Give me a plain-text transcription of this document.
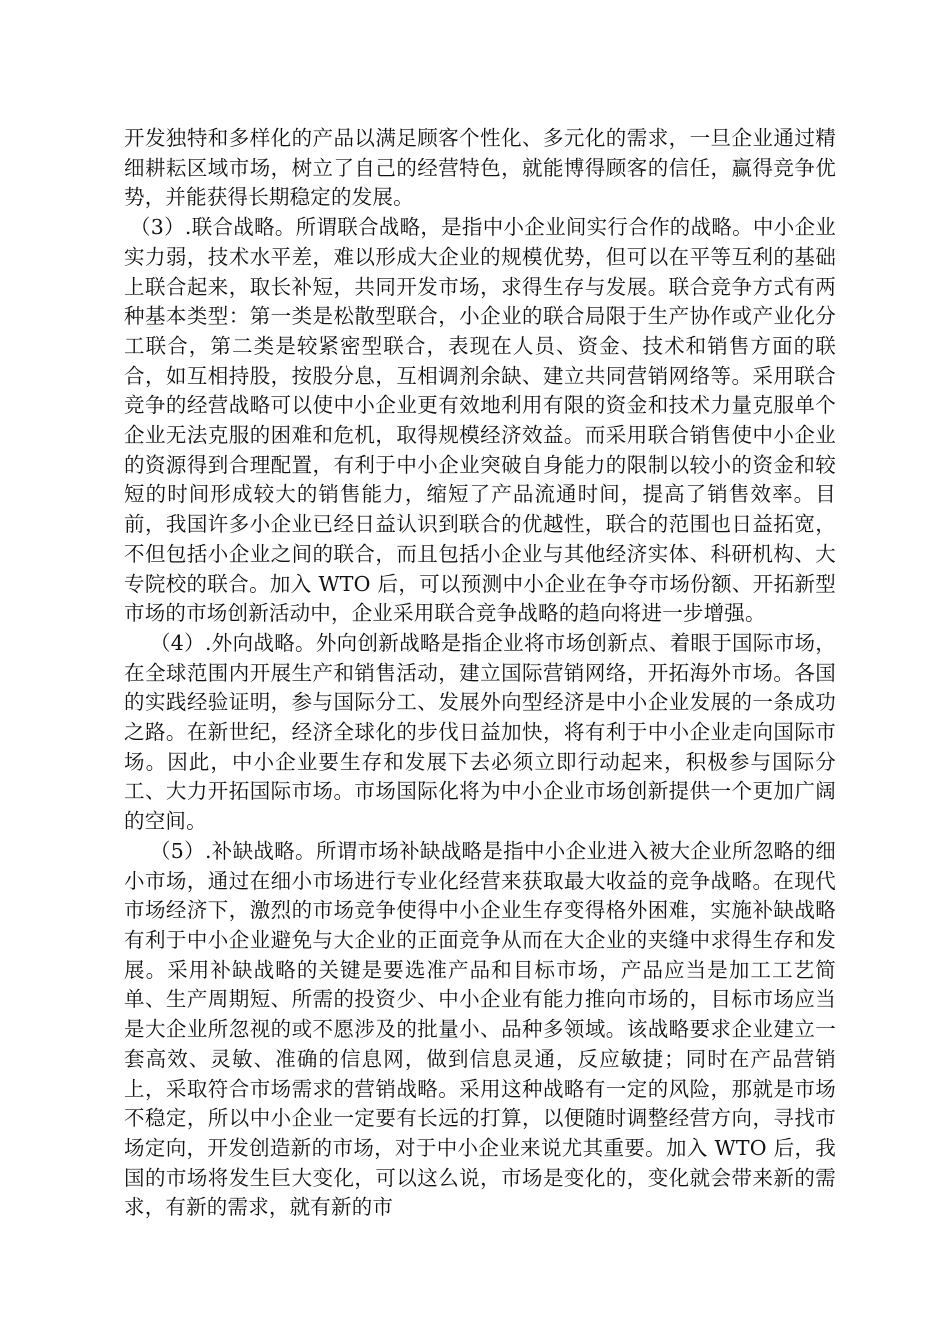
开发独特和多样化的产品以满足顾客个性化、多元化的需求，一旦企业通过精细耕耘区域市场，树立了自己的经营特色，就能博得顾客的信任，赢得竞争优势，并能获得长期稳定的发展。

（3）.联合战略。所谓联合战略，是指中小企业间实行合作的战略。中小企业实力弱，技术水平差，难以形成大企业的规模优势，但可以在平等互利的基础上联合起来，取长补短，共同开发市场，求得生存与发展。联合竞争方式有两种基本类型：第一类是松散型联合，小企业的联合局限于生产协作或产业化分工联合，第二类是较紧密型联合，表现在人员、资金、技术和销售方面的联合，如互相持股，按股分息，互相调剂余缺、建立共同营销网络等。采用联合竞争的经营战略可以使中小企业更有效地利用有限的资金和技术力量克服单个企业无法克服的困难和危机，取得规模经济效益。而采用联合销售使中小企业的资源得到合理配置，有利于中小企业突破自身能力的限制以较小的资金和较短的时间形成较大的销售能力，缩短了产品流通时间，提高了销售效率。目前，我国许多小企业已经日益认识到联合的优越性，联合的范围也日益拓宽，不但包括小企业之间的联合，而且包括小企业与其他经济实体、科研机构、大专院校的联合。加入 WTO 后，可以预测中小企业在争夺市场份额、开拓新型市场的市场创新活动中，企业采用联合竞争战略的趋向将进一步增强。

（4）.外向战略。外向创新战略是指企业将市场创新点、着眼于国际市场，在全球范围内开展生产和销售活动，建立国际营销网络，开拓海外市场。各国的实践经验证明，参与国际分工、发展外向型经济是中小企业发展的一条成功之路。在新世纪，经济全球化的步伐日益加快，将有利于中小企业走向国际市场。因此，中小企业要生存和发展下去必须立即行动起来，积极参与国际分工、大力开拓国际市场。市场国际化将为中小企业市场创新提供一个更加广阔的空间。

（5）.补缺战略。所谓市场补缺战略是指中小企业进入被大企业所忽略的细小市场，通过在细小市场进行专业化经营来获取最大收益的竞争战略。在现代市场经济下，激烈的市场竞争使得中小企业生存变得格外困难，实施补缺战略有利于中小企业避免与大企业的正面竞争从而在大企业的夹缝中求得生存和发展。采用补缺战略的关键是要选准产品和目标市场，产品应当是加工工艺简单、生产周期短、所需的投资少、中小企业有能力推向市场的，目标市场应当是大企业所忽视的或不愿涉及的批量小、品种多领域。该战略要求企业建立一套高效、灵敏、准确的信息网，做到信息灵通，反应敏捷；同时在产品营销上，采取符合市场需求的营销战略。采用这种战略有一定的风险，那就是市场不稳定，所以中小企业一定要有长远的打算，以便随时调整经营方向，寻找市场定向，开发创造新的市场，对于中小企业来说尤其重要。加入 WTO 后，我国的市场将发生巨大变化，可以这么说，市场是变化的，变化就会带来新的需求，有新的需求，就有新的市
